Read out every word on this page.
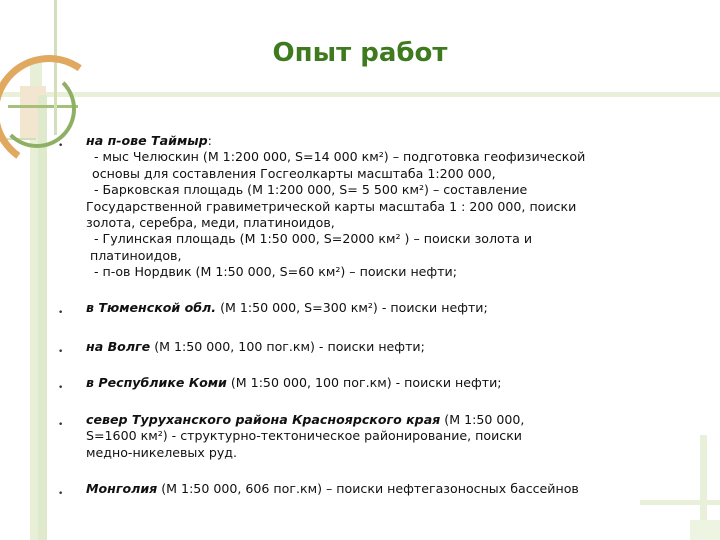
Опыт работ
• на п-ове Таймыр:
- мыс Челюскин (М 1:200 000, S=14 000 км²) – подготовка геофизической
основы для составления Госгеолкарты масштаба 1:200 000,
- Барковская площадь (М 1:200 000, S= 5 500 км²) – составление
Государственной гравиметрической карты масштаба 1 : 200 000, поиски
золота, серебра, меди, платиноидов,
- Гулинская площадь (М 1:50 000, S=2000 км² ) – поиски золота и
платиноидов,
- п-ов Нордвик (М 1:50 000, S=60 км²) – поиски нефти;
• в Тюменской обл. (М 1:50 000, S=300 км²) - поиски нефти;
• на Волге (М 1:50 000, 100 пог.км) - поиски нефти;
• в Республике Коми (М 1:50 000, 100 пог.км) - поиски нефти;
• север Туруханского района Красноярского края (М 1:50 000,
S=1600 км²) - структурно-тектоническое районирование, поиски
медно-никелевых руд.
• Монголия (М 1:50 000, 606 пог.км) – поиски нефтегазоносных бассейнов
